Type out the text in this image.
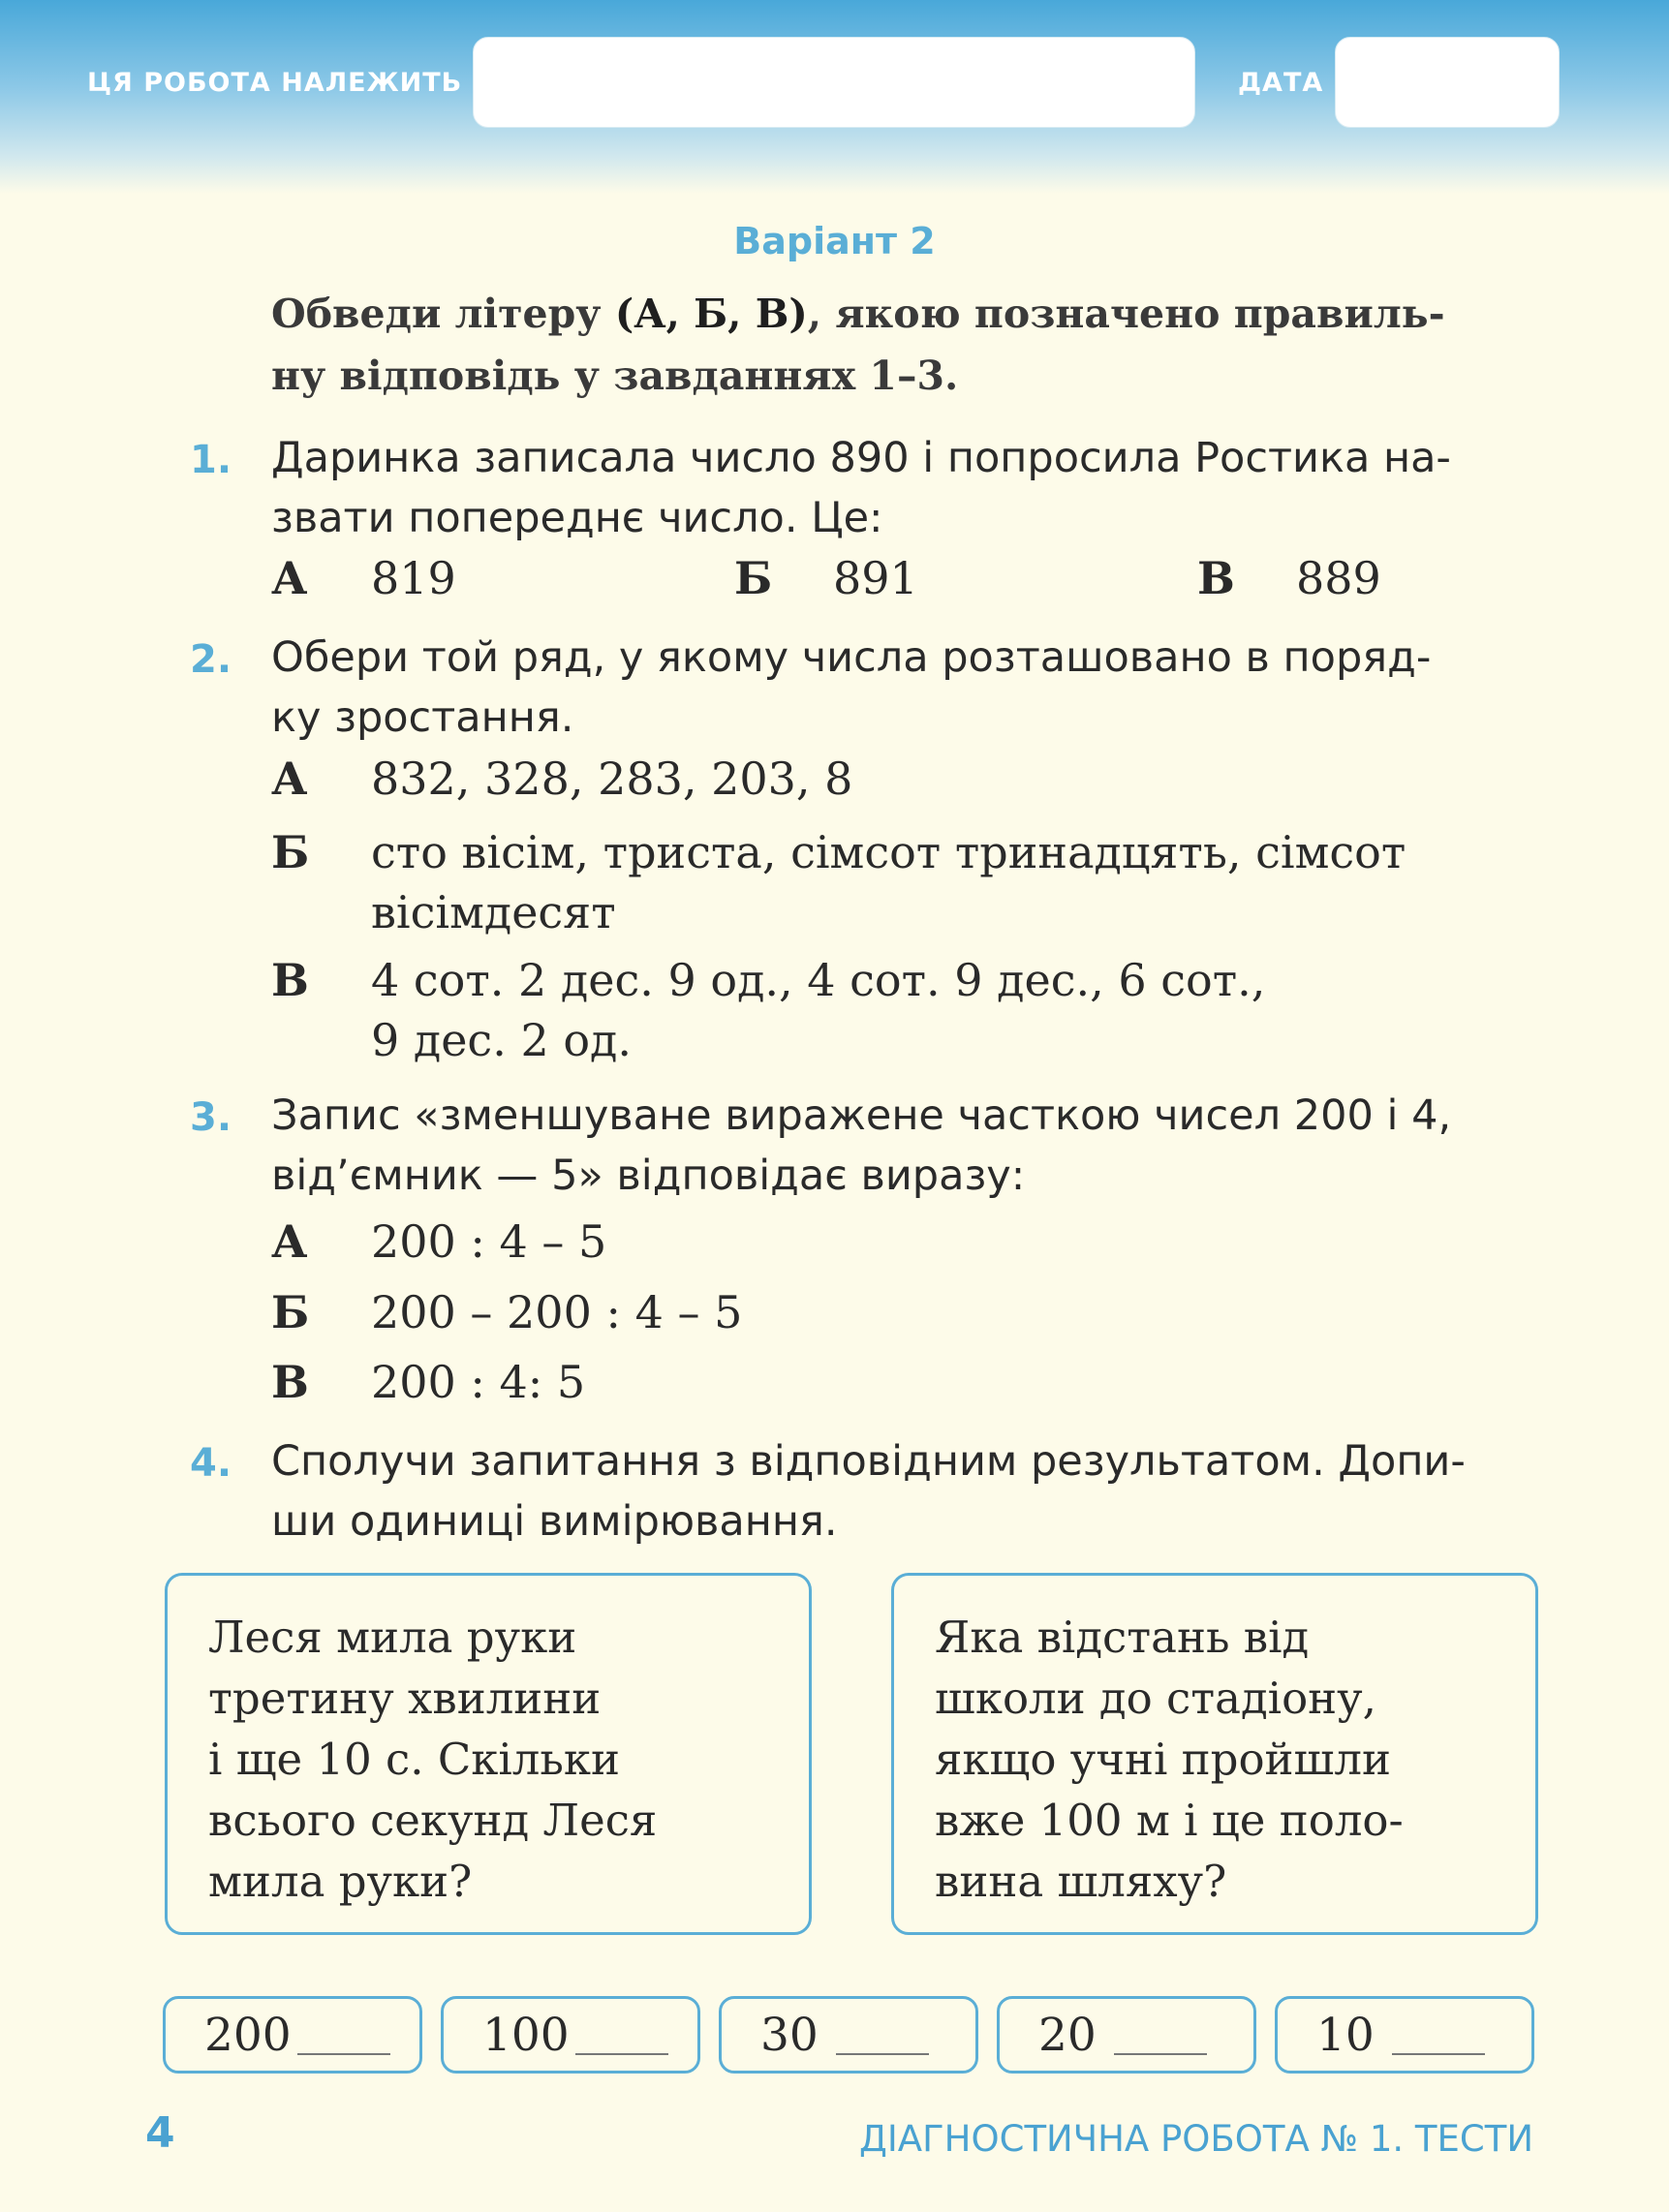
ЦЯ РОБОТА НАЛЕЖИТЬ	ДАТА
Варіант 2
Обведи літеру (А, Б, В), якою позначено правиль-
ну відповідь у завданнях 1–3.
1. Даринка записала число 890 і попросила Ростика на-
звати попереднє число. Це:
А 819	Б 891	В 889
2. Обери той ряд, у якому числа розташовано в поряд-
ку зростання.
А 832, 328, 283, 203, 8
Б сто вісім, триста, сімсот тринадцять, сімсот
вісімдесят
В 4 сот. 2 дес. 9 од., 4 сот. 9 дес., 6 сот.,
9 дес. 2 од.
3. Запис «зменшуване виражене часткою чисел 200 і 4,
від’ємник — 5» відповідає виразу:
А 200 : 4 – 5
Б 200 – 200 : 4 – 5
В 200 : 4: 5
4. Сполучи запитання з відповідним результатом. Допи-
ши одиниці вимірювання.
Леся мила руки
третину хвилини
і ще 10 с. Скільки
всього секунд Леся
мила руки?
Яка відстань від
школи до стадіону,
якщо учні пройшли
вже 100 м і це поло-
вина шляху?
200	100	30	20	10
4	ДІАГНОСТИЧНА РОБОТА № 1. ТЕСТИ
